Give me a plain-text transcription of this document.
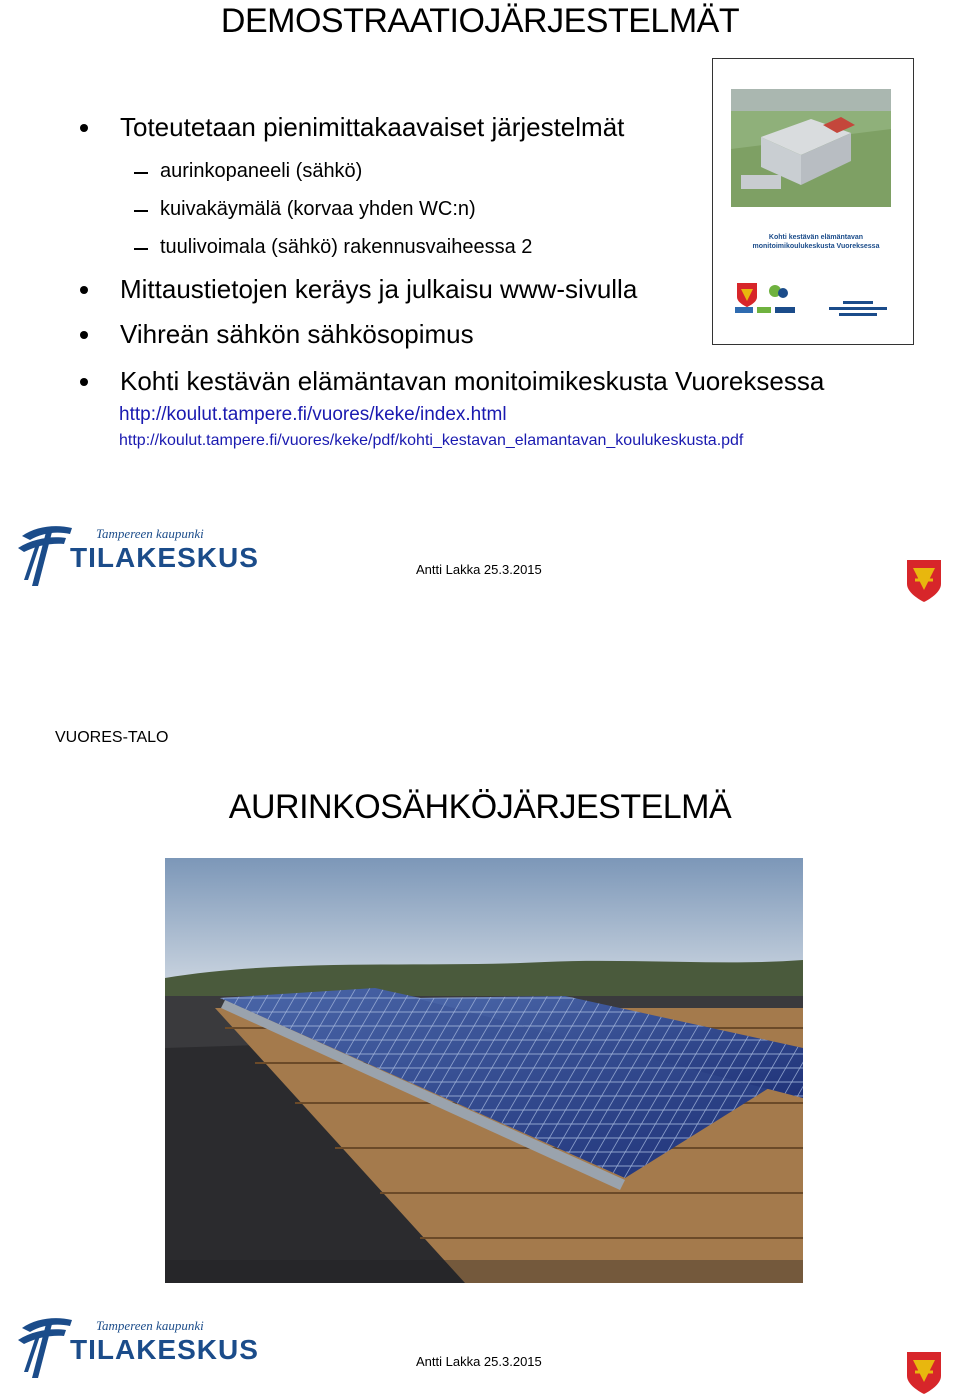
DEMOSTRAATIOJÄRJESTELMÄT
Toteutetaan pienimittakaavaiset järjestelmät
aurinkopaneeli (sähkö)
kuivakäymälä (korvaa yhden WC:n)
tuulivoimala (sähkö) rakennusvaiheessa 2
Mittaustietojen keräys ja julkaisu www-sivulla
Vihreän sähkön sähkösopimus
Kohti kestävän elämäntavan monitoimikeskusta Vuoreksessa
http://koulut.tampere.fi/vuores/keke/index.html
http://koulut.tampere.fi/vuores/keke/pdf/kohti_kestavan_elamantavan_koulukeskusta.pdf
Kohti kestävän elämäntavan monitoimikoulukeskusta Vuoreksessa
Tampereen kaupunki
TILAKESKUS	Antti Lakka 25.3.2015
VUORES-TALO
AURINKOSÄHKÖJÄRJESTELMÄ
Tampereen kaupunki
TILAKESKUS	Antti Lakka 25.3.2015
